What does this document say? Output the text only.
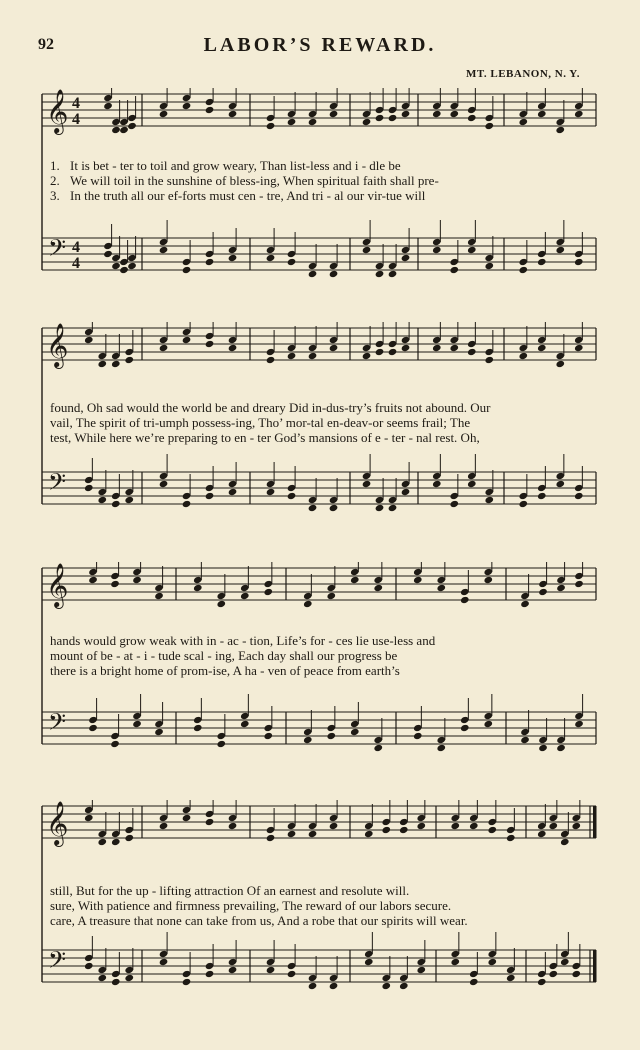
92	LABOR’S REWARD.
MT. LEBANON, N. Y.
𝄞 4
4
𝄢 4
4

1. It is bet - ter to toil and grow weary, Than list-less and i - dle be

2. We will toil in the sunshine of bless-ing, When spiritual faith shall pre-

3. In the truth all our ef-forts must cen - tre, And tri - al our vir-tue will

𝄞
𝄢

found, Oh sad would the world be and dreary Did in-dus-try’s fruits not abound. Our

vail, The spirit of tri-umph possess-ing, Tho’ mor-tal en-deav-or seems frail; The

test, While here we’re preparing to en - ter God’s mansions of e - ter - nal rest. Oh,

𝄞
𝄢

hands would grow weak with in - ac - tion, Life’s for - ces lie use-less and

mount of be - at - i - tude scal - ing, Each day shall our progress be

there is a bright home of prom-ise, A ha - ven of peace from earth’s

𝄞
𝄢

still, But for the up - lifting attraction Of an earnest and resolute will.

sure, With patience and firmness prevailing, The reward of our labors secure.

care, A treasure that none can take from us, And a robe that our spirits will wear.
